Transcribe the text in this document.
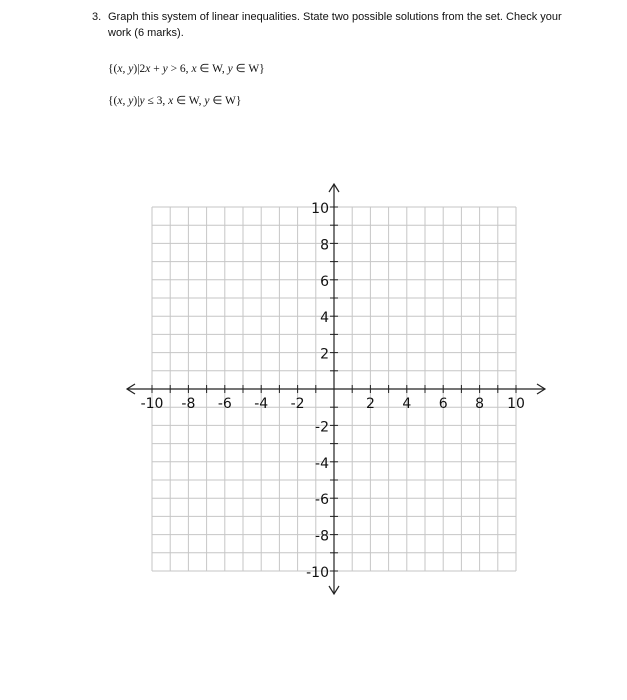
3. Graph this system of linear inequalities. State two possible solutions from the set. Check your work (6 marks).
{(x, y)|2x + y > 6, x ∈ W, y ∈ W}
{(x, y)|y ≤ 3, x ∈ W, y ∈ W}
-10 -8 -6 -4 -2	2 4 6 8 10
10
8
6
4
2
-2
-4
-6
-8
-10
